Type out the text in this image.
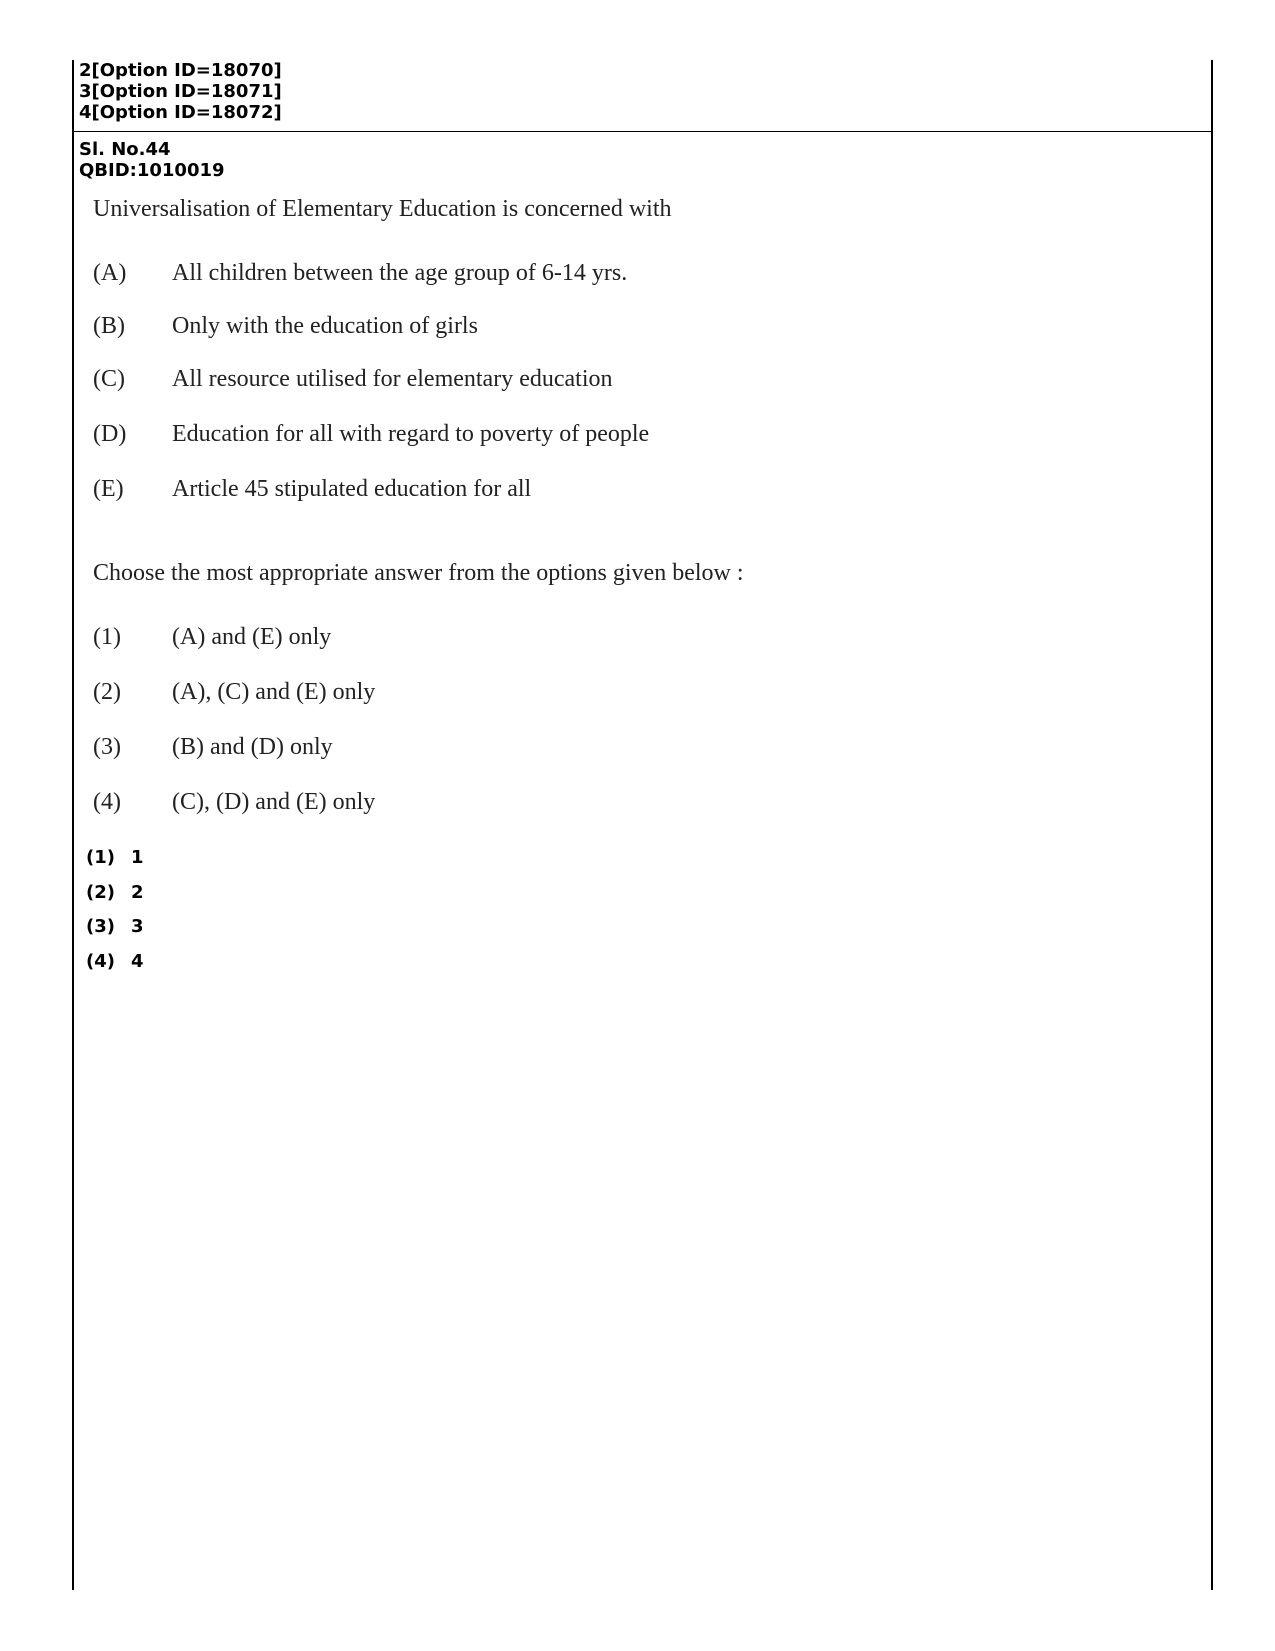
2[Option ID=18070]
3[Option ID=18071]
4[Option ID=18072]
Sl. No.44
QBID:1010019
Universalisation of Elementary Education is concerned with
(A) All children between the age group of 6-14 yrs.
(B) Only with the education of girls
(C) All resource utilised for elementary education
(D) Education for all with regard to poverty of people
(E) Article 45 stipulated education for all
Choose the most appropriate answer from the options given below :
(1) (A) and (E) only
(2) (A), (C) and (E) only
(3) (B) and (D) only
(4) (C), (D) and (E) only
(1) 1
(2) 2
(3) 3
(4) 4
